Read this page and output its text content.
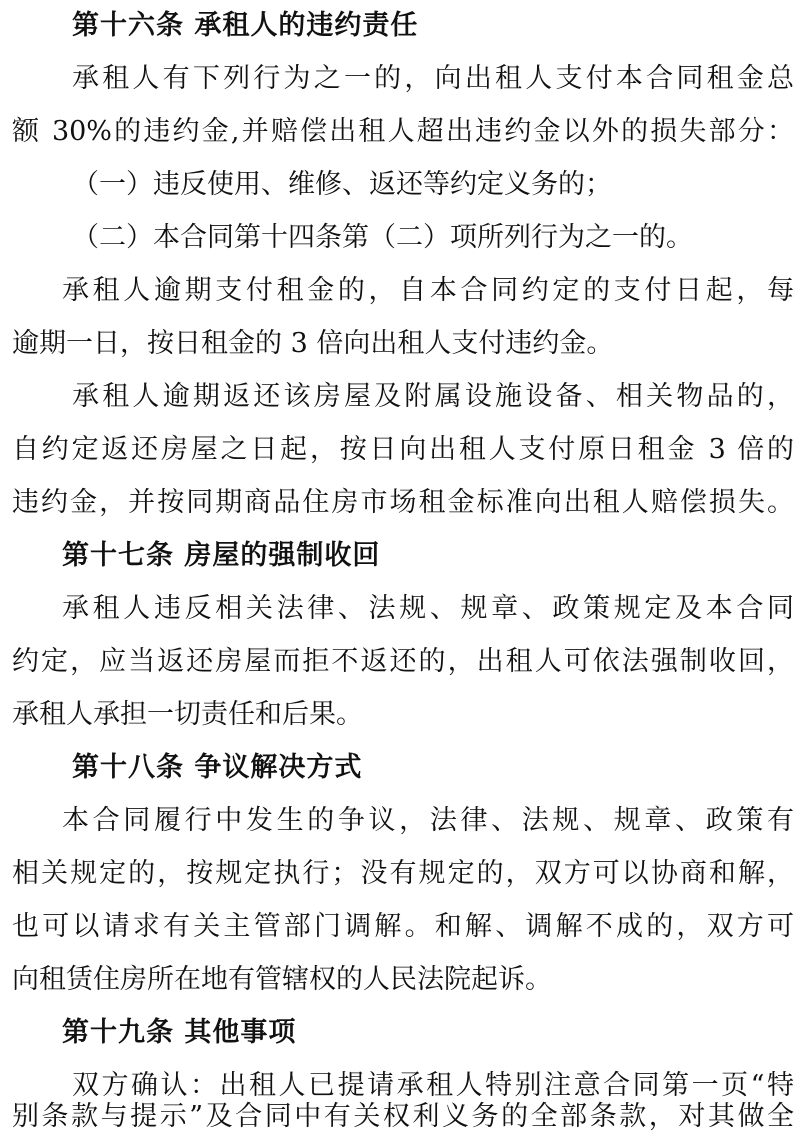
第十六条 承租人的违约责任
承租人有下列行为之一的，向出租人支付本合同租金总
额 30%的违约金,并赔偿出租人超出违约金以外的损失部分：
（一）违反使用、维修、返还等约定义务的；
（二）本合同第十四条第（二）项所列行为之一的。
承租人逾期支付租金的，自本合同约定的支付日起，每
逾期一日，按日租金的 3 倍向出租人支付违约金。
承租人逾期返还该房屋及附属设施设备、相关物品的，
自约定返还房屋之日起，按日向出租人支付原日租金 3 倍的
违约金，并按同期商品住房市场租金标准向出租人赔偿损失。
第十七条 房屋的强制收回
承租人违反相关法律、法规、规章、政策规定及本合同
约定，应当返还房屋而拒不返还的，出租人可依法强制收回，
承租人承担一切责任和后果。
第十八条 争议解决方式
本合同履行中发生的争议，法律、法规、规章、政策有
相关规定的，按规定执行；没有规定的，双方可以协商和解，
也可以请求有关主管部门调解。和解、调解不成的，双方可
向租赁住房所在地有管辖权的人民法院起诉。
第十九条 其他事项
双方确认：出租人已提请承租人特别注意合同第一页“特
别条款与提示”及合同中有关权利义务的全部条款，对其做全
